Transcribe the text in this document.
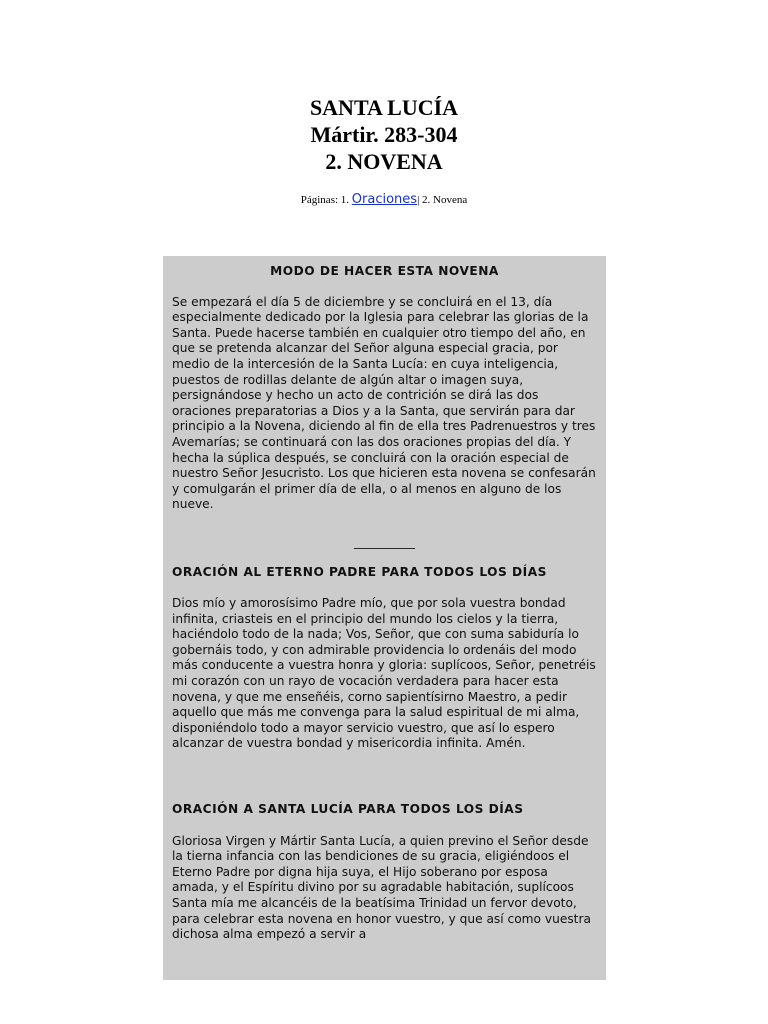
SANTA LUCÍA
Mártir. 283-304
2. NOVENA
Páginas: 1. Oraciones| 2. Novena
MODO DE HACER ESTA NOVENA

Se empezará el día 5 de diciembre y se concluirá en el 13, día especialmente dedicado por la Iglesia para celebrar las glorias de la Santa. Puede hacerse también en cualquier otro tiempo del año, en que se pretenda alcanzar del Señor alguna especial gracia, por medio de la intercesión de la Santa Lucía: en cuya inteligencia, puestos de rodillas delante de algún altar o imagen suya, persignándose y hecho un acto de contrición se dirá las dos oraciones preparatorias a Dios y a la Santa, que servirán para dar principio a la Novena, diciendo al fin de ella tres Padrenuestros y tres Avemarías; se continuará con las dos oraciones propias del día. Y hecha la súplica después, se concluirá con la oración especial de nuestro Señor Jesucristo. Los que hicieren esta novena se confesarán y comulgarán el primer día de ella, o al menos en alguno de los nueve.

__________
ORACIÓN AL ETERNO PADRE PARA TODOS LOS DÍAS

Dios mío y amorosísimo Padre mío, que por sola vuestra bondad infinita, criasteis en el principio del mundo los cielos y la tierra, haciéndolo todo de la nada; Vos, Señor, que con suma sabiduría lo gobernáis todo, y con admirable providencia lo ordenáis del modo más conducente a vuestra honra y gloria: suplícoos, Señor, penetréis mi corazón con un rayo de vocación verdadera para hacer esta novena, y que me enseñéis, corno sapientísirno Maestro, a pedir aquello que más me convenga para la salud espiritual de mi alma, disponiéndolo todo a mayor servicio vuestro, que así lo espero alcanzar de vuestra bondad y misericordia infinita. Amén.

ORACIÓN A SANTA LUCÍA PARA TODOS LOS DÍAS

Gloriosa Virgen y Mártir Santa Lucía, a quien previno el Señor desde la tierna infancia con las bendiciones de su gracia, eligiéndoos el Eterno Padre por digna hija suya, el Hijo soberano por esposa amada, y el Espíritu divino por su agradable habitación, suplícoos Santa mía me alcancéis de la beatísima Trinidad un fervor devoto, para celebrar esta novena en honor vuestro, y que así como vuestra dichosa alma empezó a servir a
